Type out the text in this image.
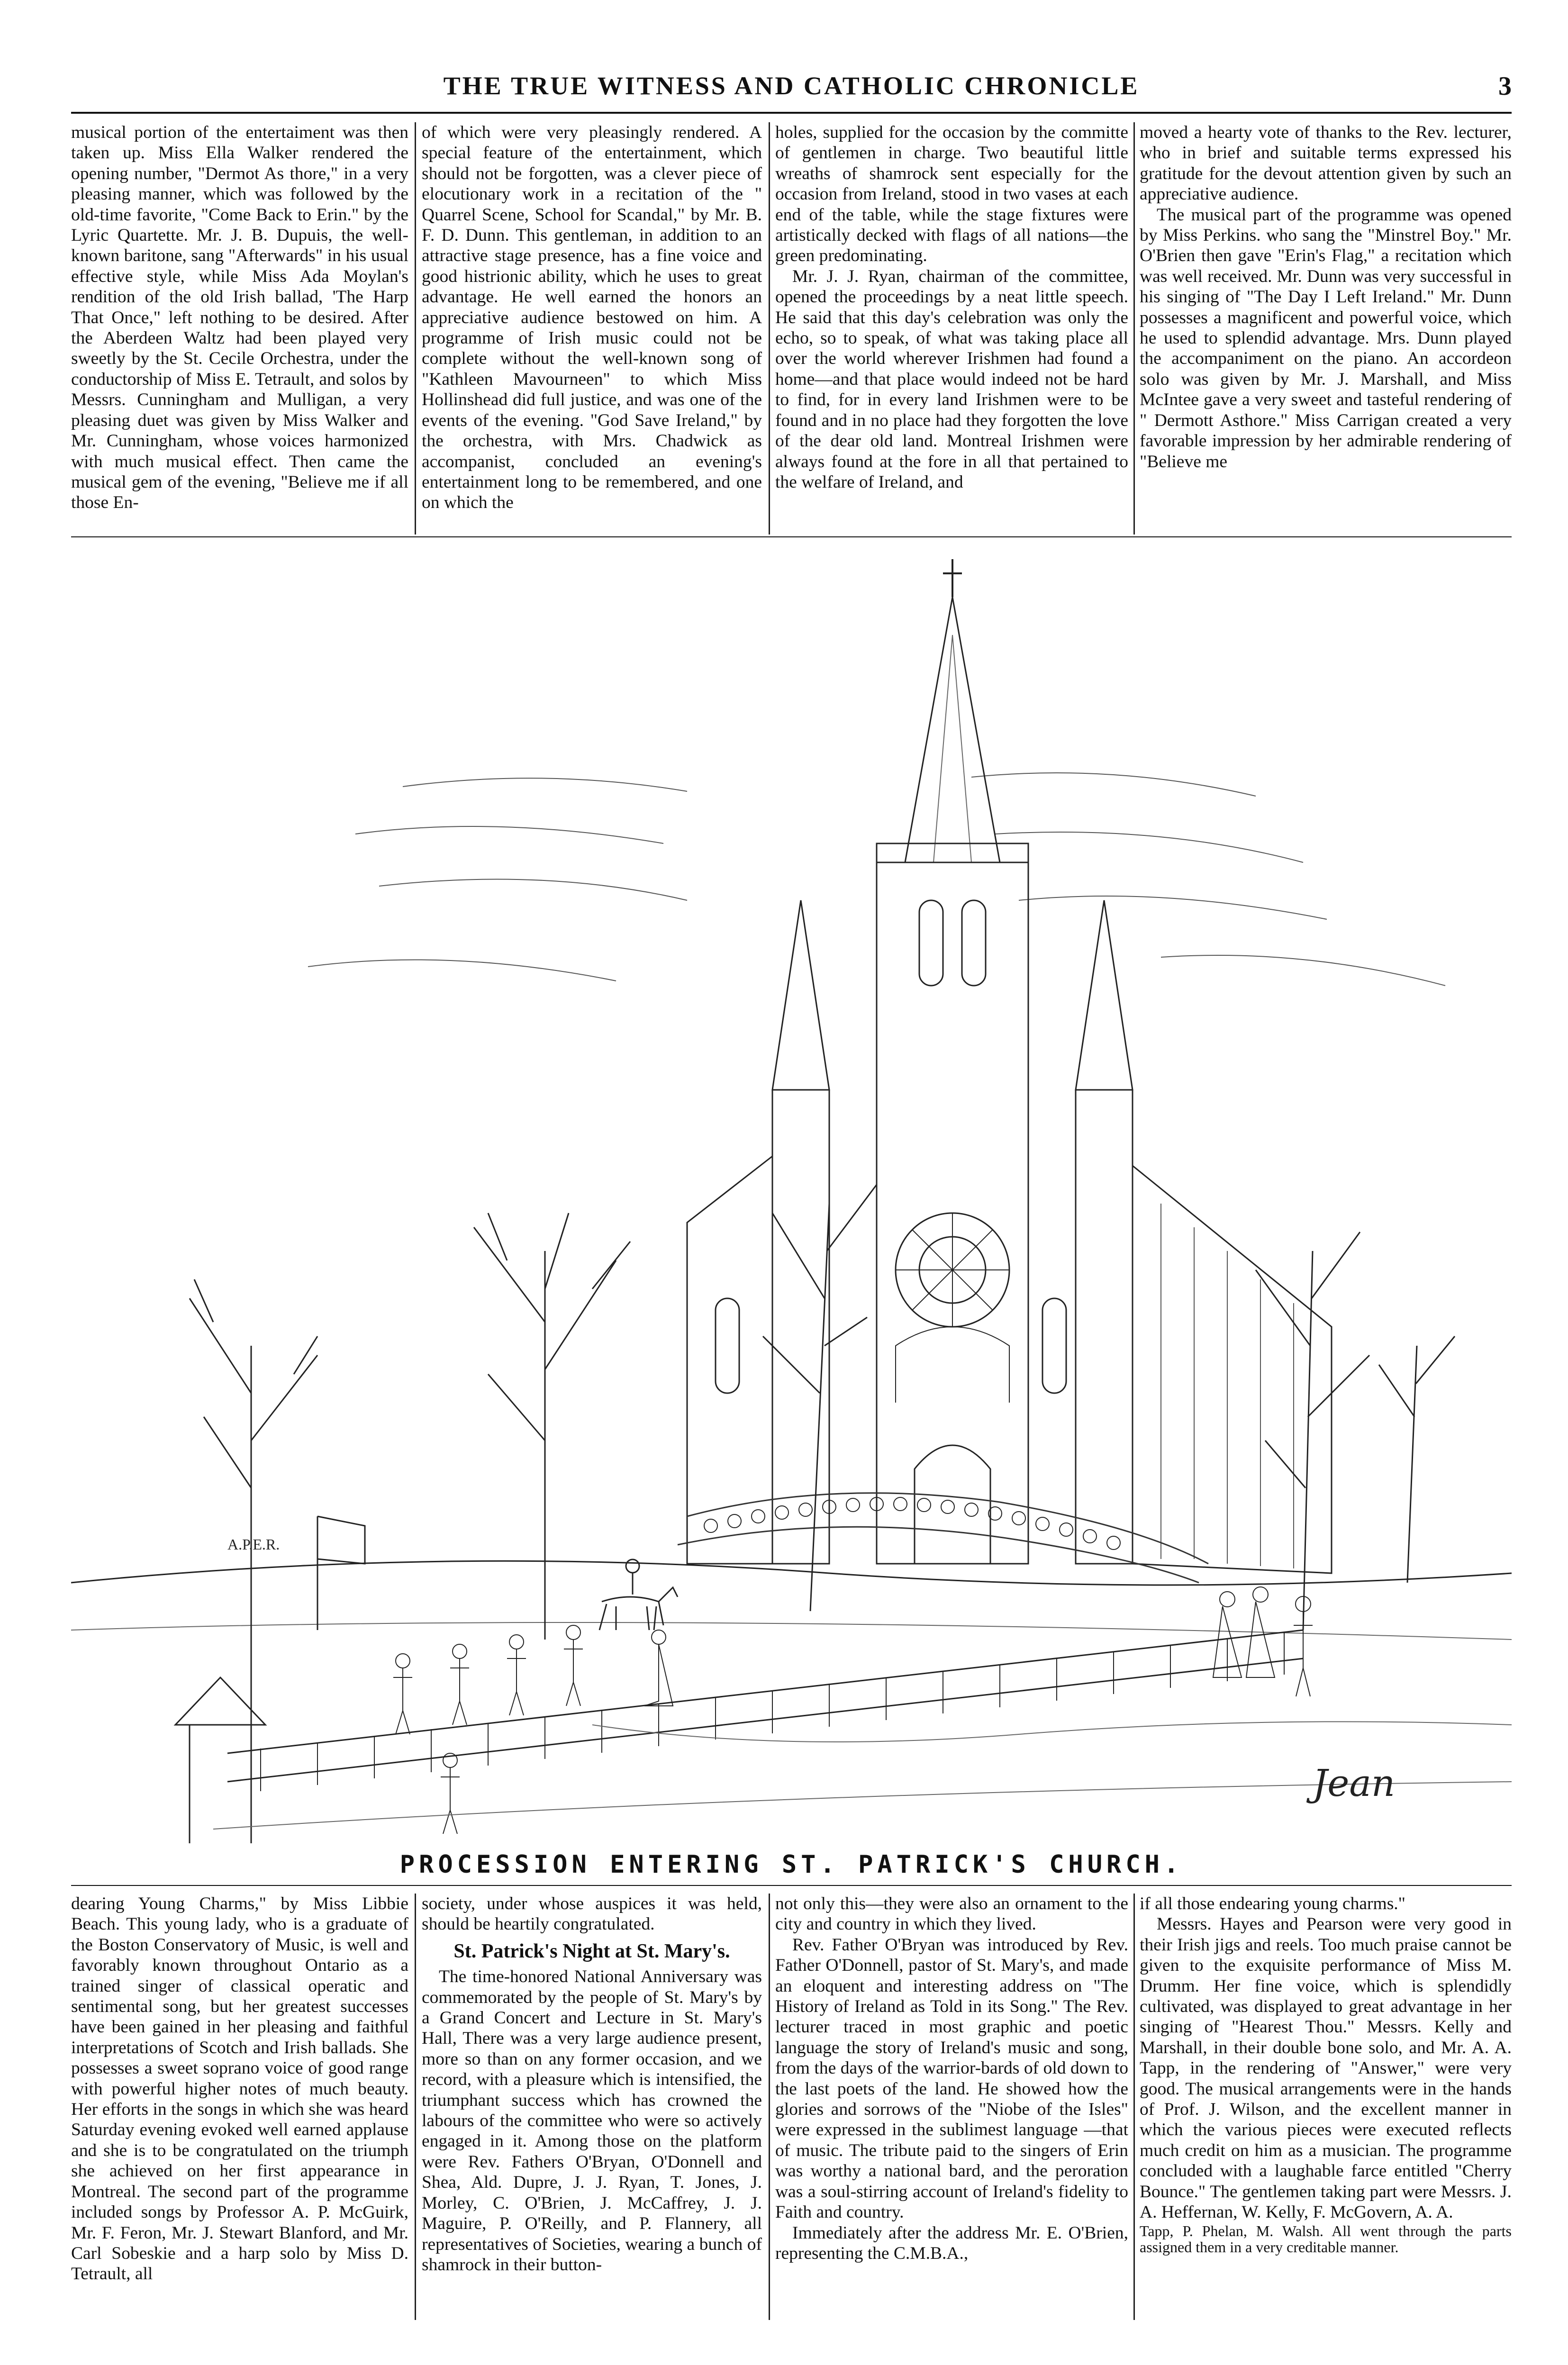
THE TRUE WITNESS AND CATHOLIC CHRONICLE	3

musical portion of the entertaiment was then taken up. Miss Ella Walker rendered the opening number, "Dermot As thore," in a very pleasing manner, which was followed by the old-time favorite, "Come Back to Erin." by the Lyric Quartette. Mr. J. B. Dupuis, the well-known baritone, sang "Afterwards" in his usual effective style, while Miss Ada Moylan's rendition of the old Irish ballad, 'The Harp That Once," left nothing to be desired. After the Aberdeen Waltz had been played very sweetly by the St. Cecile Orchestra, under the conductorship of Miss E. Tetrault, and solos by Messrs. Cunningham and Mulligan, a very pleasing duet was given by Miss Walker and Mr. Cunningham, whose voices harmonized with much musical effect. Then came the musical gem of the evening, "Believe me if all those En-

of which were very pleasingly rendered. A special feature of the entertainment, which should not be forgotten, was a clever piece of elocutionary work in a recitation of the " Quarrel Scene, School for Scandal," by Mr. B. F. D. Dunn. This gentleman, in addition to an attractive stage presence, has a fine voice and good histrionic ability, which he uses to great advantage. He well earned the honors an appreciative audience bestowed on him. A programme of Irish music could not be complete without the well-known song of "Kathleen Mavourneen" to which Miss Hollinshead did full justice, and was one of the events of the evening. "God Save Ireland," by the orchestra, with Mrs. Chadwick as accompanist, concluded an evening's entertainment long to be remembered, and one on which the

holes, supplied for the occasion by the committe of gentlemen in charge. Two beautiful little wreaths of shamrock sent especially for the occasion from Ireland, stood in two vases at each end of the table, while the stage fixtures were artistically decked with flags of all nations—the green predominating.

Mr. J. J. Ryan, chairman of the committee, opened the proceedings by a neat little speech. He said that this day's celebration was only the echo, so to speak, of what was taking place all over the world wherever Irishmen had found a home—and that place would indeed not be hard to find, for in every land Irishmen were to be found and in no place had they forgotten the love of the dear old land. Montreal Irishmen were always found at the fore in all that pertained to the welfare of Ireland, and

moved a hearty vote of thanks to the Rev. lecturer, who in brief and suitable terms expressed his gratitude for the devout attention given by such an appreciative audience.

The musical part of the programme was opened by Miss Perkins. who sang the "Minstrel Boy." Mr. O'Brien then gave "Erin's Flag," a recitation which was well received. Mr. Dunn was very successful in his singing of "The Day I Left Ireland." Mr. Dunn possesses a magnificent and powerful voice, which he used to splendid advantage. Mrs. Dunn played the accompaniment on the piano. An accordeon solo was given by Mr. J. Marshall, and Miss McIntee gave a very sweet and tasteful rendering of " Dermott Asthore." Miss Carrigan created a very favorable impression by her admirable rendering of "Believe me

A.P.E.R.
Jean
PROCESSION ENTERING ST. PATRICK'S CHURCH.

dearing Young Charms," by Miss Libbie Beach. This young lady, who is a graduate of the Boston Conservatory of Music, is well and favorably known throughout Ontario as a trained singer of classical operatic and sentimental song, but her greatest successes have been gained in her pleasing and faithful interpretations of Scotch and Irish ballads. She possesses a sweet soprano voice of good range with powerful higher notes of much beauty. Her efforts in the songs in which she was heard Saturday evening evoked well earned applause and she is to be congratulated on the triumph she achieved on her first appearance in Montreal. The second part of the programme included songs by Professor A. P. McGuirk, Mr. F. Feron, Mr. J. Stewart Blanford, and Mr. Carl Sobeskie and a harp solo by Miss D. Tetrault, all

society, under whose auspices it was held, should be heartily congratulated.

St. Patrick's Night at St. Mary's.

The time-honored National Anniversary was commemorated by the people of St. Mary's by a Grand Concert and Lecture in St. Mary's Hall, There was a very large audience present, more so than on any former occasion, and we record, with a pleasure which is intensified, the triumphant success which has crowned the labours of the committee who were so actively engaged in it. Among those on the platform were Rev. Fathers O'Bryan, O'Donnell and Shea, Ald. Dupre, J. J. Ryan, T. Jones, J. Morley, C. O'Brien, J. McCaffrey, J. J. Maguire, P. O'Reilly, and P. Flannery, all representatives of Societies, wearing a bunch of shamrock in their button-

not only this—they were also an ornament to the city and country in which they lived.

Rev. Father O'Bryan was introduced by Rev. Father O'Donnell, pastor of St. Mary's, and made an eloquent and interesting address on "The History of Ireland as Told in its Song." The Rev. lecturer traced in most graphic and poetic language the story of Ireland's music and song, from the days of the warrior-bards of old down to the last poets of the land. He showed how the glories and sorrows of the "Niobe of the Isles" were expressed in the sublimest language —that of music. The tribute paid to the singers of Erin was worthy a national bard, and the peroration was a soul-stirring account of Ireland's fidelity to Faith and country.

Immediately after the address Mr. E. O'Brien, representing the C.M.B.A.,

if all those endearing young charms."

Messrs. Hayes and Pearson were very good in their Irish jigs and reels. Too much praise cannot be given to the exquisite performance of Miss M. Drumm. Her fine voice, which is splendidly cultivated, was displayed to great advantage in her singing of "Hearest Thou." Messrs. Kelly and Marshall, in their double bone solo, and Mr. A. A. Tapp, in the rendering of "Answer," were very good. The musical arrangements were in the hands of Prof. J. Wilson, and the excellent manner in which the various pieces were executed reflects much credit on him as a musician. The programme concluded with a laughable farce entitled "Cherry Bounce." The gentlemen taking part were Messrs. J. A. Heffernan, W. Kelly, F. McGovern, A. A.

Tapp, P. Phelan, M. Walsh. All went through the parts assigned them in a very creditable manner.
